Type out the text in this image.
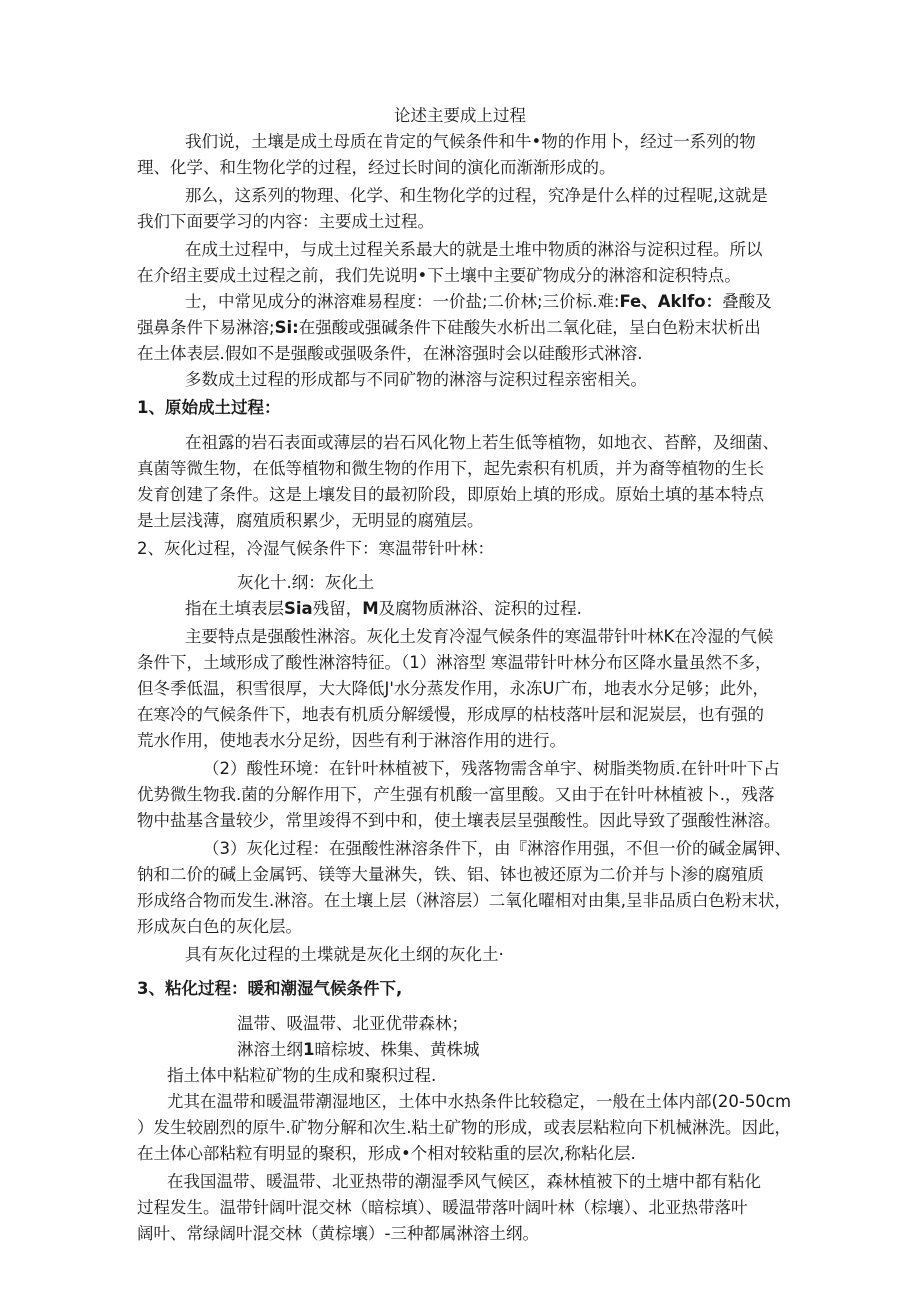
论述主要成上过程

我们说，土壤是成土母质在肯定的气候条件和牛•物的作用卜，经过一系列的物

理、化学、和生物化学的过程，经过长时间的演化而渐渐形成的。

那么，这系列的物理、化学、和生物化学的过程，究净是什么样的过程呢,这就是

我们下面要学习的内容：主要成土过程。

在成土过程中，与成土过程关系最大的就是土堆中物质的淋浴与淀积过程。所以

在介绍主要成土过程之前，我们先说明•下土壤中主要矿物成分的淋溶和淀积特点。

士，中常见成分的淋溶难易程度：一价盐;二价林;三价标.难:Fe、Aklfo：叠酸及

强鼻条件下易淋溶;Si:在强酸或强碱条件下硅酸失水析出二氧化硅，呈白色粉末状析出

在土体表层.假如不是强酸或强吸条件，在淋溶强时会以硅酸形式淋溶.

多数成土过程的形成都与不同矿物的淋溶与淀积过程亲密相关。

1、原始成土过程：

在祖露的岩石表面或薄层的岩石风化物上若生低等植物，如地衣、苔醉，及细菌、

真菌等微生物，在低等植物和微生物的作用下，起先索积有机质，并为裔等植物的生长

发育创建了条件。这是上壤发目的最初阶段，即原始上填的形成。原始土填的基本特点

是土层浅薄，腐殖质积累少，无明显的腐殖层。

2、灰化过程，冷湿气候条件下：寒温带针叶林：

灰化十.纲：灰化土

指在土填表层Sia残留，M及腐物质淋浴、淀积的过程.

主要特点是强酸性淋溶。灰化土发育冷湿气候条件的寒温带针叶林K在冷湿的气候

条件下，土域形成了酸性淋溶特征。（1）淋溶型 寒温带针叶林分布区降水量虽然不多，

但冬季低温，积雪很厚，大大降低J'水分蒸发作用，永冻U广布，地表水分足够；此外，

在寒冷的气候条件下，地表有机质分解缓慢，形成厚的枯枝落叶层和泥炭层，也有强的

荒水作用，使地表水分足纷，因些有利于淋溶作用的进行。

（2）酸性环境：在针叶林植被下，残落物需含单宇、树脂类物质.在针叶叶下占

优势微生物我.菌的分解作用下，产生强有机酸一富里酸。又由于在针叶林植被卜.，残落

物中盐基含量较少，常里竣得不到中和，使土壤表层呈强酸性。因此导致了强酸性淋溶。

（3）灰化过程：在强酸性淋溶条件下，由『淋溶作用强，不但一价的碱金属钾、

钠和二价的碱上金属钙、镁等大量淋失，铁、铝、钵也被还原为二价并与卜渗的腐殖质

形成络合物而发生.淋溶。在土壤上层（淋溶层）二氧化曜相对由集,呈非品质白色粉末状，

形成灰白色的灰化层。

具有灰化过程的土堞就是灰化土纲的灰化土·

3、粘化过程：暖和潮湿气候条件下,

温带、吸温带、北亚优带森林；

淋溶土纲1暗棕坡、株集、黄株城

指土体中粘粒矿物的生成和聚积过程.

尤其在温带和暖温带潮湿地区，土体中水热条件比较稳定，一般在土体内部(20-50cm

）发生较剧烈的原牛.矿物分解和次生.粘土矿物的形成，或表层粘粒向下机械淋洗。因此，

在土体心部粘粒有明显的聚积，形成•个相对较粘重的层次,称粘化层.

在我国温带、暖温带、北亚热带的潮湿季风气候区，森林植被下的土塘中都有粘化

过程发生。温带针阔叶混交林（暗棕填）、暖温带落叶阔叶林（棕壤）、北亚热带落叶

阔叶、常绿阔叶混交林（黄棕壤）-三种都属淋溶土纲。
